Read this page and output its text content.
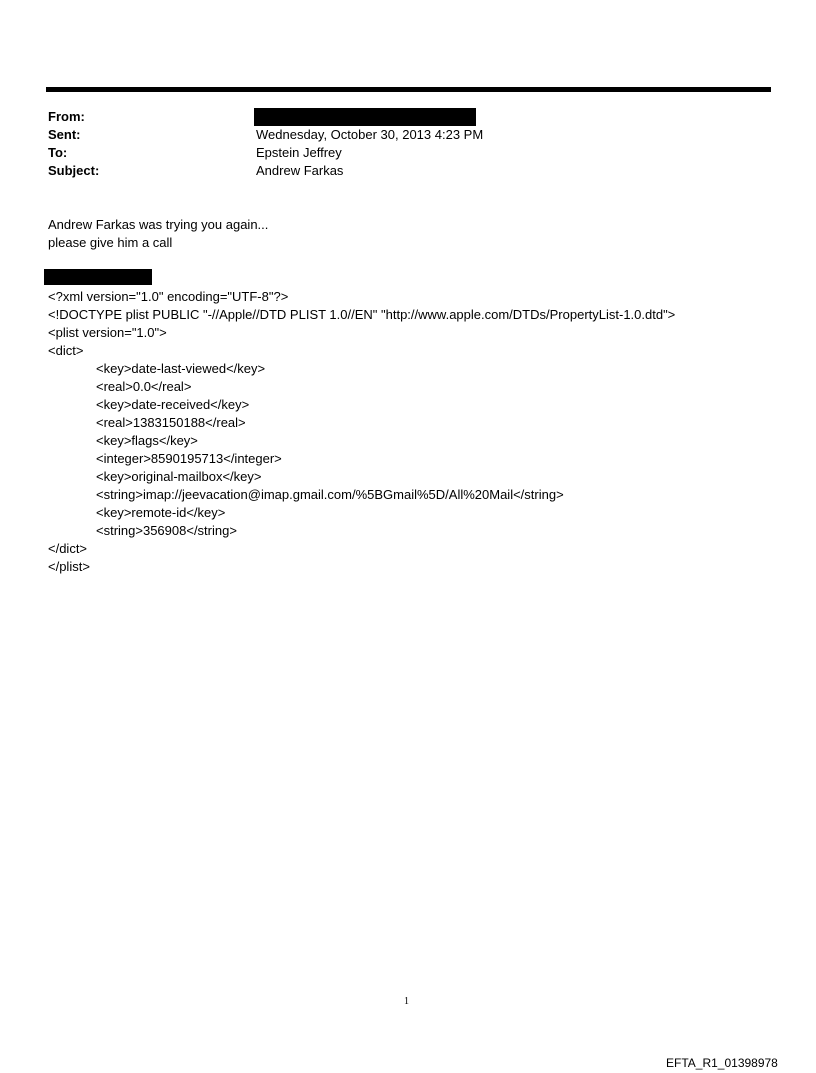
From:
Sent:	Wednesday, October 30, 2013 4:23 PM
To:	Epstein Jeffrey
Subject:	Andrew Farkas
Andrew Farkas was trying you again...
please give him a call
<?xml version="1.0" encoding="UTF-8"?>
<!DOCTYPE plist PUBLIC "-//Apple//DTD PLIST 1.0//EN" "http://www.apple.com/DTDs/PropertyList-1.0.dtd">
<plist version="1.0">
<dict>
<key>date-last-viewed</key>
<real>0.0</real>
<key>date-received</key>
<real>1383150188</real>
<key>flags</key>
<integer>8590195713</integer>
<key>original-mailbox</key>
<string>imap://jeevacation@imap.gmail.com/%5BGmail%5D/All%20Mail</string>
<key>remote-id</key>
<string>356908</string>
</dict>
</plist>
1
EFTA_R1_01398978
